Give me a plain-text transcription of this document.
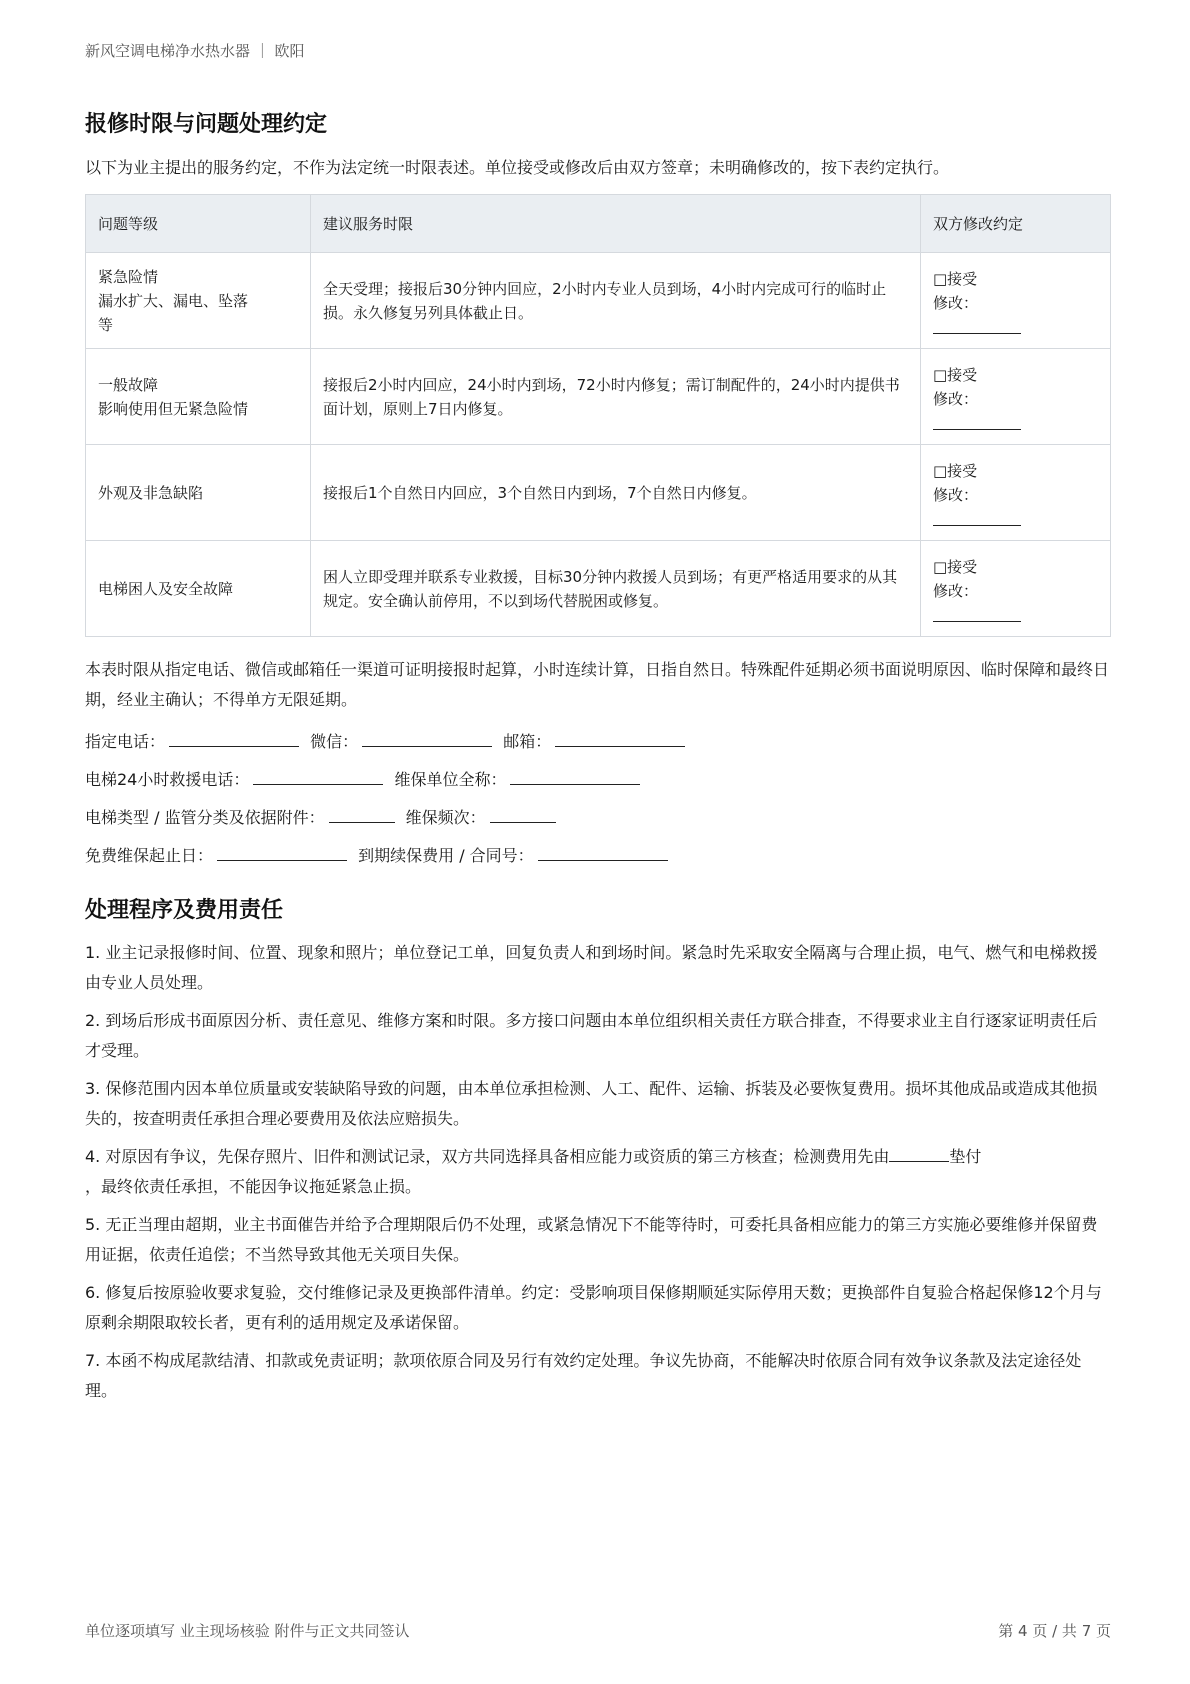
新风空调电梯净水热水器 ｜ 欧阳
报修时限与问题处理约定

以下为业主提出的服务约定，不作为法定统一时限表述。单位接受或修改后由双方签章；未明确修改的，按下表约定执行。

问题等级	建议服务时限	双方修改约定

紧急险情
漏水扩大、漏电、坠落
等	全天受理；接报后30分钟内回应，2小时内专业人员到场，4小时内完成可行的临时止损。永久修复另列具体截止日。	□接受
修改：

一般故障
影响使用但无紧急险情	接报后2小时内回应，24小时内到场，72小时内修复；需订制配件的，24小时内提供书面计划，原则上7日内修复。	□接受
修改：

外观及非急缺陷	接报后1个自然日内回应，3个自然日内到场，7个自然日内修复。	□接受
修改：

电梯困人及安全故障	困人立即受理并联系专业救援，目标30分钟内救援人员到场；有更严格适用要求的从其规定。安全确认前停用，不以到场代替脱困或修复。	□接受
修改：

本表时限从指定电话、微信或邮箱任一渠道可证明接报时起算，小时连续计算，日指自然日。特殊配件延期必须书面说明原因、临时保障和最终日期，经业主确认；不得单方无限延期。

指定电话：	微信：	邮箱：
电梯24小时救援电话：	维保单位全称：
电梯类型 / 监管分类及依据附件：	维保频次：
免费维保起止日：	到期续保费用 / 合同号：
处理程序及费用责任

1. 业主记录报修时间、位置、现象和照片；单位登记工单，回复负责人和到场时间。紧急时先采取安全隔离与合理止损，电气、燃气和电梯救援由专业人员处理。

2. 到场后形成书面原因分析、责任意见、维修方案和时限。多方接口问题由本单位组织相关责任方联合排查，不得要求业主自行逐家证明责任后才受理。

3. 保修范围内因本单位质量或安装缺陷导致的问题，由本单位承担检测、人工、配件、运输、拆装及必要恢复费用。损坏其他成品或造成其他损失的，按查明责任承担合理必要费用及依法应赔损失。

4. 对原因有争议，先保存照片、旧件和测试记录，双方共同选择具备相应能力或资质的第三方核查；检测费用先由	垫付
，最终依责任承担，不能因争议拖延紧急止损。

5. 无正当理由超期，业主书面催告并给予合理期限后仍不处理，或紧急情况下不能等待时，可委托具备相应能力的第三方实施必要维修并保留费用证据，依责任追偿；不当然导致其他无关项目失保。

6. 修复后按原验收要求复验，交付维修记录及更换部件清单。约定：受影响项目保修期顺延实际停用天数；更换部件自复验合格起保修12个月与原剩余期限取较长者，更有利的适用规定及承诺保留。

7. 本函不构成尾款结清、扣款或免责证明；款项依原合同及另行有效约定处理。争议先协商，不能解决时依原合同有效争议条款及法定途径处理。

单位逐项填写 业主现场核验 附件与正文共同签认	第 4 页 / 共 7 页
